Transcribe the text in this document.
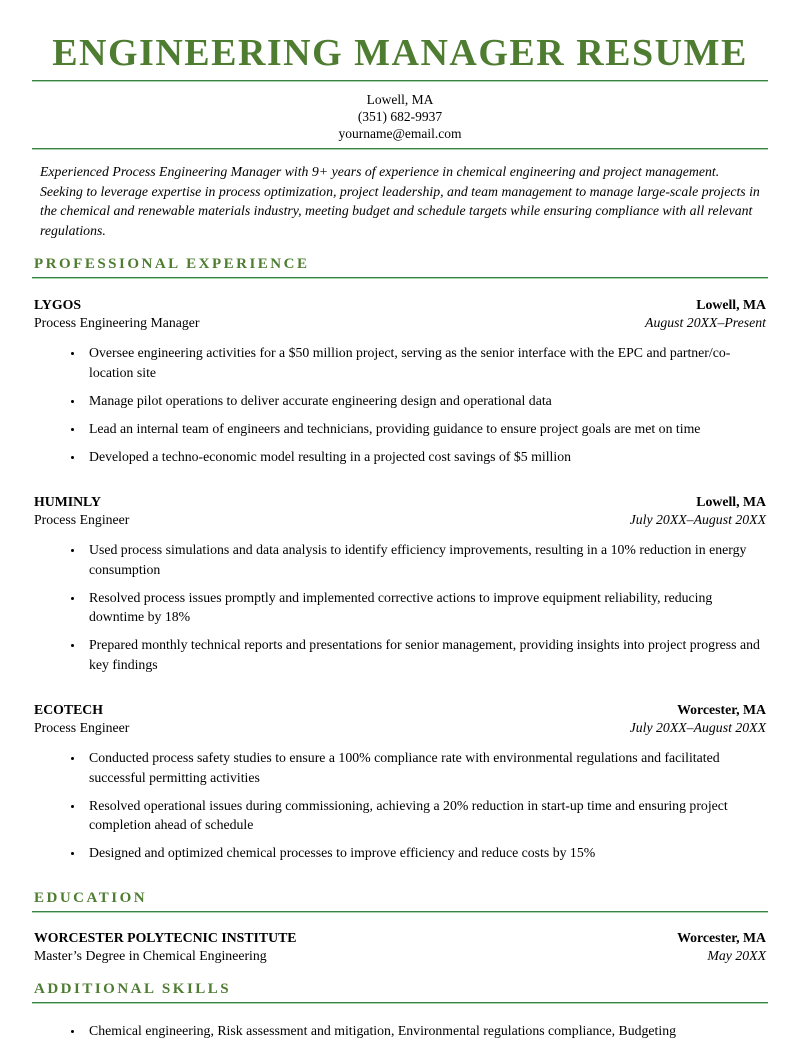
ENGINEERING MANAGER RESUME
Lowell, MA
(351) 682-9937
yourname@email.com

Experienced Process Engineering Manager with 9+ years of experience in chemical engineering and project management. Seeking to leverage expertise in process optimization, project leadership, and team management to manage large-scale projects in the chemical and renewable materials industry, meeting budget and schedule targets while ensuring compliance with all relevant regulations.

PROFESSIONAL EXPERIENCE
LYGOS	Lowell, MA
Process Engineering Manager	August 20XX–Present
• Oversee engineering activities for a $50 million project, serving as the senior interface with the EPC and partner/co-location site
• Manage pilot operations to deliver accurate engineering design and operational data
• Lead an internal team of engineers and technicians, providing guidance to ensure project goals are met on time
• Developed a techno-economic model resulting in a projected cost savings of $5 million
HUMINLY	Lowell, MA
Process Engineer	July 20XX–August 20XX
• Used process simulations and data analysis to identify efficiency improvements, resulting in a 10% reduction in energy consumption
• Resolved process issues promptly and implemented corrective actions to improve equipment reliability, reducing downtime by 18%
• Prepared monthly technical reports and presentations for senior management, providing insights into project progress and key findings
ECOTECH	Worcester, MA
Process Engineer	July 20XX–August 20XX
• Conducted process safety studies to ensure a 100% compliance rate with environmental regulations and facilitated successful permitting activities
• Resolved operational issues during commissioning, achieving a 20% reduction in start-up time and ensuring project completion ahead of schedule
• Designed and optimized chemical processes to improve efficiency and reduce costs by 15%
EDUCATION
WORCESTER POLYTECNIC INSTITUTE	Worcester, MA
Master’s Degree in Chemical Engineering	May 20XX
ADDITIONAL SKILLS
• Chemical engineering, Risk assessment and mitigation, Environmental regulations compliance, Budgeting
